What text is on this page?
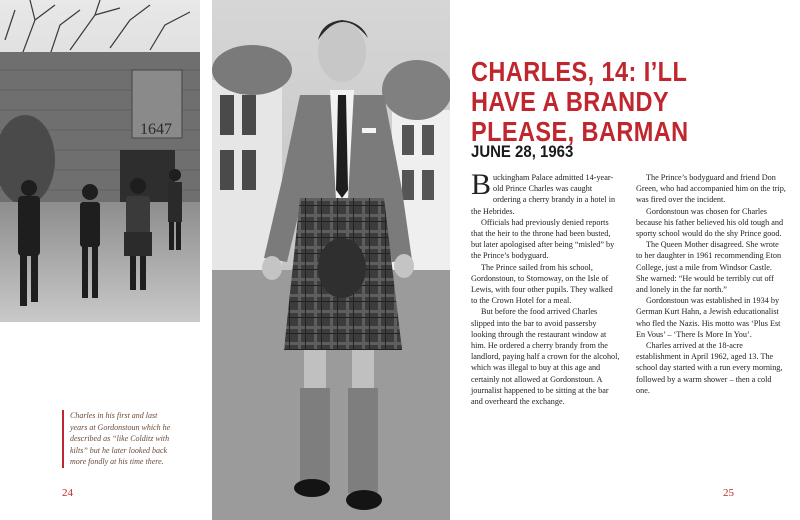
1647
Charles in his first and last
years at Gordonstoun which he
described as “like Colditz with
kilts” but he later looked back
more fondly at his time there.
24
CHARLES, 14: I’LL
HAVE A BRANDY
PLEASE, BARMAN
JUNE 28, 1963

Buckingham Palace admitted 14-year-old Prince Charles was caught ordering a cherry brandy in a hotel in the Hebrides.

Officials had previously denied reports that the heir to the throne had been busted, but later apologised after being “misled” by the Prince’s bodyguard.

The Prince sailed from his school, Gordonstoun, to Stornoway, on the Isle of Lewis, with four other pupils. They walked to the Crown Hotel for a meal.

But before the food arrived Charles slipped into the bar to avoid passersby looking through the restaurant window at him. He ordered a cherry brandy from the landlord, paying half a crown for the alcohol, which was illegal to buy at this age and certainly not allowed at Gordonstoun. A journalist happened to be sitting at the bar and overheard the exchange.

The Prince’s bodyguard and friend Don Green, who had accompanied him on the trip, was fired over the incident.

Gordonstoun was chosen for Charles because his father believed his old tough and sporty school would do the shy Prince good.

The Queen Mother disagreed. She wrote to her daughter in 1961 recommending Eton College, just a mile from Windsor Castle. She warned: “He would be terribly cut off and lonely in the far north.”

Gordonstoun was established in 1934 by German Kurt Hahn, a Jewish educationalist who fled the Nazis. His motto was ‘Plus Est En Vous’ – ‘There Is More In You’.

Charles arrived at the 18-acre establishment in April 1962, aged 13. The school day started with a run every morning, followed by a warm shower – then a cold one.

25
